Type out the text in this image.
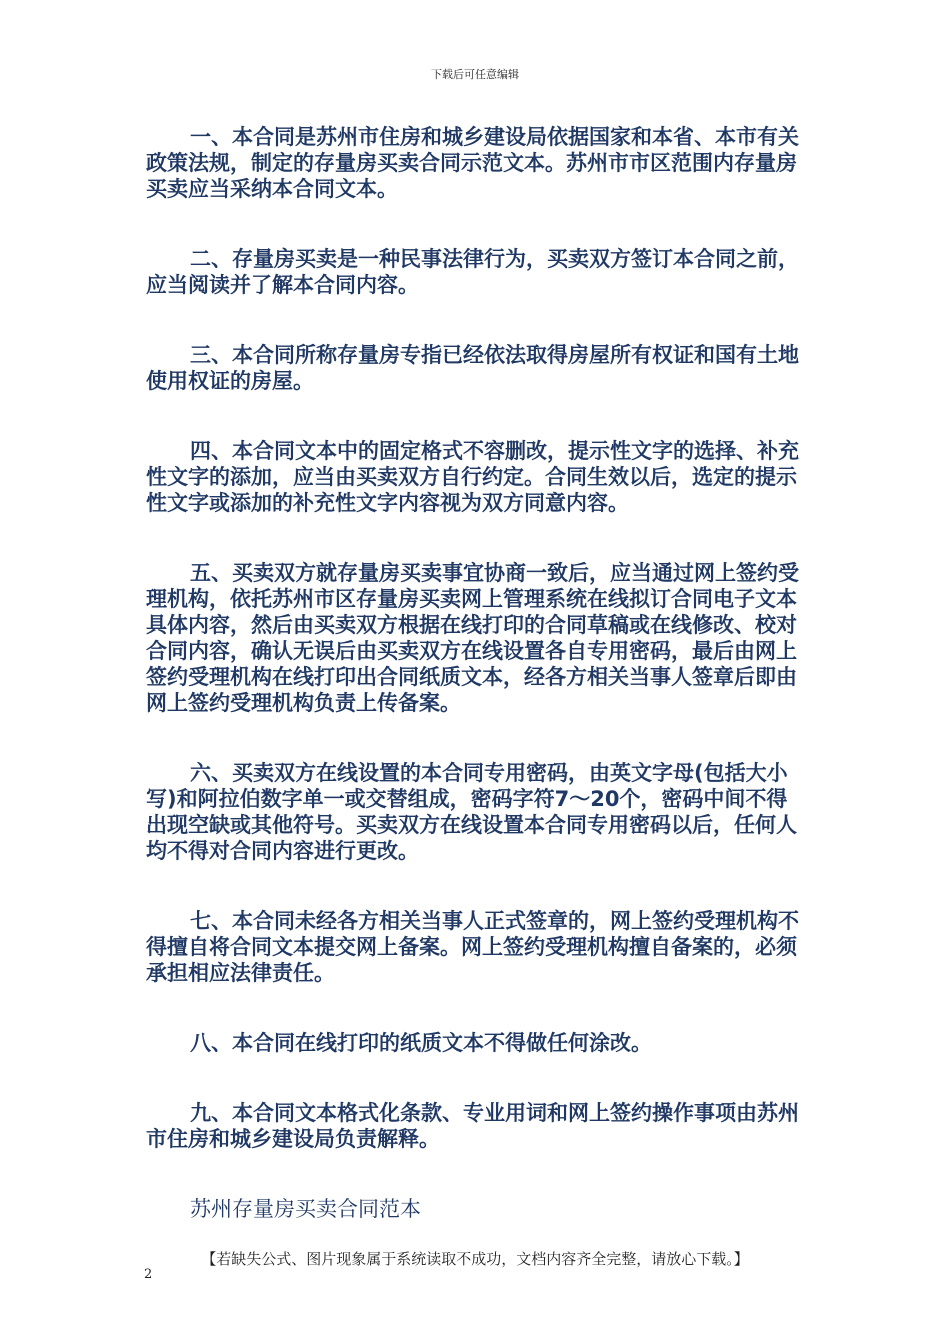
下载后可任意编辑

一、本合同是苏州市住房和城乡建设局依据国家和本省、本市有关政策法规，制定的存量房买卖合同示范文本。苏州市市区范围内存量房买卖应当采纳本合同文本。

二、存量房买卖是一种民事法律行为，买卖双方签订本合同之前，应当阅读并了解本合同内容。

三、本合同所称存量房专指已经依法取得房屋所有权证和国有土地使用权证的房屋。

四、本合同文本中的固定格式不容删改，提示性文字的选择、补充性文字的添加，应当由买卖双方自行约定。合同生效以后，选定的提示性文字或添加的补充性文字内容视为双方同意内容。

五、买卖双方就存量房买卖事宜协商一致后，应当通过网上签约受理机构，依托苏州市区存量房买卖网上管理系统在线拟订合同电子文本具体内容，然后由买卖双方根据在线打印的合同草稿或在线修改、校对合同内容，确认无误后由买卖双方在线设置各自专用密码，最后由网上签约受理机构在线打印出合同纸质文本，经各方相关当事人签章后即由网上签约受理机构负责上传备案。

六、买卖双方在线设置的本合同专用密码，由英文字母(包括大小写)和阿拉伯数字单一或交替组成，密码字符7～20个，密码中间不得出现空缺或其他符号。买卖双方在线设置本合同专用密码以后，任何人均不得对合同内容进行更改。

七、本合同未经各方相关当事人正式签章的，网上签约受理机构不得擅自将合同文本提交网上备案。网上签约受理机构擅自备案的，必须承担相应法律责任。

八、本合同在线打印的纸质文本不得做任何涂改。

九、本合同文本格式化条款、专业用词和网上签约操作事项由苏州市住房和城乡建设局负责解释。

苏州存量房买卖合同范本

【若缺失公式、图片现象属于系统读取不成功，文档内容齐全完整，请放心下载。】
2
